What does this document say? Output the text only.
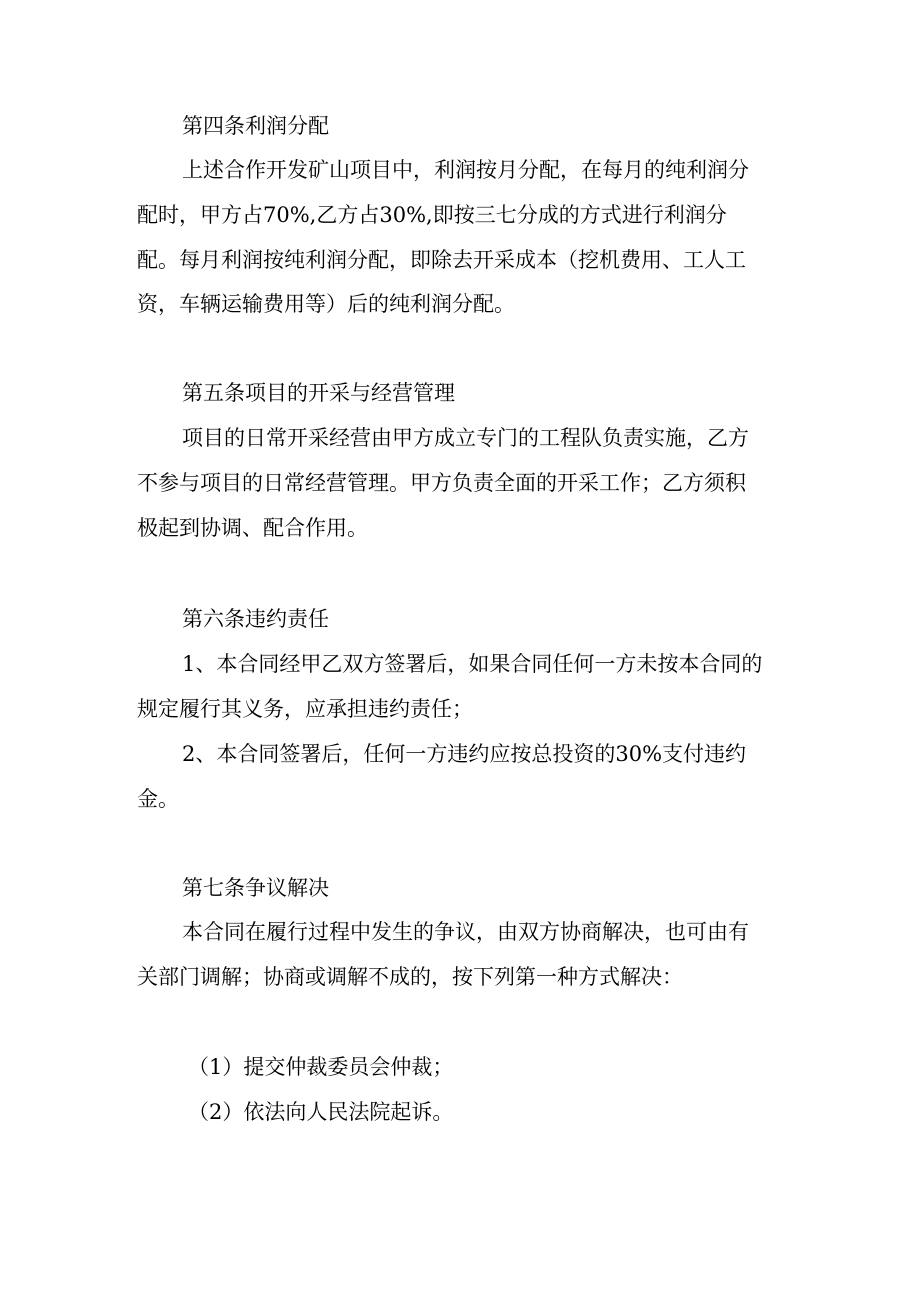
第四条利润分配

上述合作开发矿山项目中，利润按月分配，在每月的纯利润分

配时，甲方占70%,乙方占30%,即按三七分成的方式进行利润分

配。每月利润按纯利润分配，即除去开采成本（挖机费用、工人工

资，车辆运输费用等）后的纯利润分配。

第五条项目的开采与经营管理

项目的日常开采经营由甲方成立专门的工程队负责实施，乙方

不参与项目的日常经营管理。甲方负责全面的开采工作；乙方须积

极起到协调、配合作用。

第六条违约责任

1、本合同经甲乙双方签署后，如果合同任何一方未按本合同的

规定履行其义务，应承担违约责任；

2、本合同签署后，任何一方违约应按总投资的30%支付违约

金。

第七条争议解决

本合同在履行过程中发生的争议，由双方协商解决，也可由有

关部门调解；协商或调解不成的，按下列第一种方式解决：

（1）提交仲裁委员会仲裁；

（2）依法向人民法院起诉。
